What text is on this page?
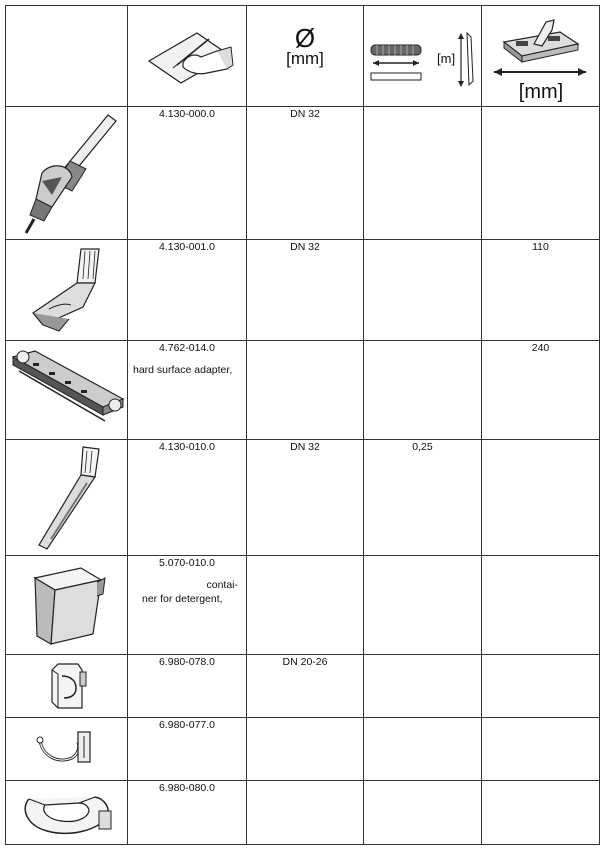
Ø
[mm]	[m]	[mm]

4.130-000.0	DN 32		

4.130-001.0	DN 32		110

4.762-014.0
hard surface adapter,			240

4.130-010.0	DN 32	0,25	

5.070-010.0
contai-
ner for detergent,			

6.980-078.0	DN 20-26		

6.980-077.0			

6.980-080.0			
